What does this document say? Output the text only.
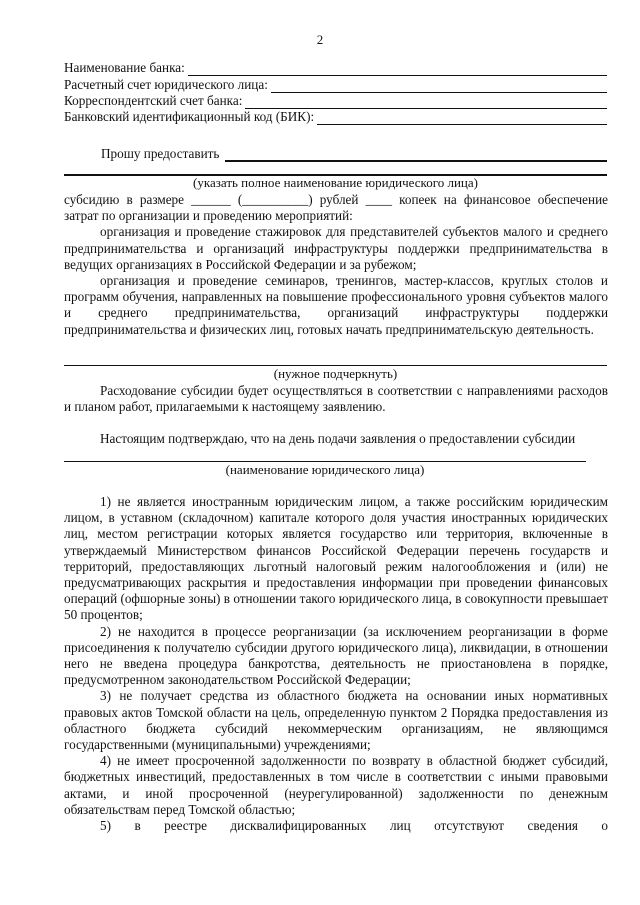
2
Наименование банка:
Расчетный счет юридического лица:
Корреспондентский счет банка:
Банковский идентификационный код (БИК):
Прошу предоставить
(указать полное наименование юридического лица)

субсидию в размере ______ (__________) рублей ____ копеек на финансовое обеспечение

затрат по организации и проведению мероприятий:

организация и проведение стажировок для представителей субъектов малого и среднего предпринимательства и организаций инфраструктуры поддержки предпринимательства в ведущих организациях в Российской Федерации и за рубежом;

организация и проведение семинаров, тренингов, мастер-классов, круглых столов и программ обучения, направленных на повышение профессионального уровня субъектов малого и среднего предпринимательства, организаций инфраструктуры поддержки предпринимательства и физических лиц, готовых начать предпринимательскую деятельность.

(нужное подчеркнуть)

Расходование субсидии будет осуществляться в соответствии с направлениями расходов и планом работ, прилагаемыми к настоящему заявлению.

Настоящим подтверждаю, что на день подачи заявления о предоставлении субсидии

(наименование юридического лица)

1) не является иностранным юридическим лицом, а также российским юридическим лицом, в уставном (складочном) капитале которого доля участия иностранных юридических лиц, местом регистрации которых является государство или территория, включенные в утверждаемый Министерством финансов Российской Федерации перечень государств и территорий, предоставляющих льготный налоговый режим налогообложения и (или) не предусматривающих раскрытия и предоставления информации при проведении финансовых операций (офшорные зоны) в отношении такого юридического лица, в совокупности превышает 50 процентов;

2) не находится в процессе реорганизации (за исключением реорганизации в форме присоединения к получателю субсидии другого юридического лица), ликвидации, в отношении него не введена процедура банкротства, деятельность не приостановлена в порядке, предусмотренном законодательством Российской Федерации;

3) не получает средства из областного бюджета на основании иных нормативных правовых актов Томской области на цель, определенную пунктом 2 Порядка предоставления из областного бюджета субсидий некоммерческим организациям, не являющимся государственными (муниципальными) учреждениями;

4) не имеет просроченной задолженности по возврату в областной бюджет субсидий, бюджетных инвестиций, предоставленных в том числе в соответствии с иными правовыми актами, и иной просроченной (неурегулированной) задолженности по денежным обязательствам перед Томской областью;

5) в реестре дисквалифицированных лиц отсутствуют сведения о
